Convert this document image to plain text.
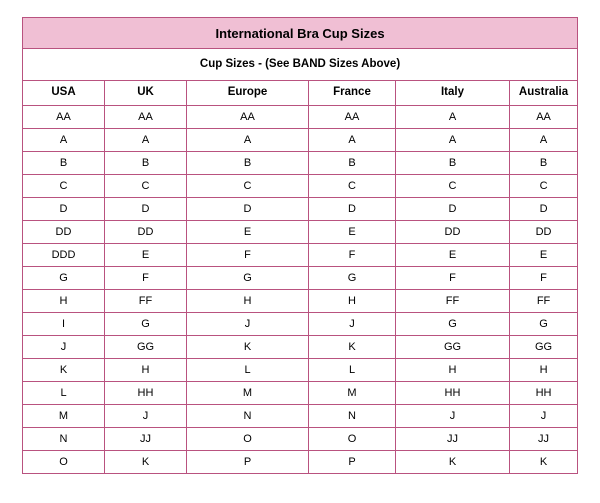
International Bra Cup Sizes					
Cup Sizes - (See BAND Sizes Above)					
USA	UK	Europe	France	Italy	Australia
AA	AA	AA	AA	A	AA
A	A	A	A	A	A
B	B	B	B	B	B
C	C	C	C	C	C
D	D	D	D	D	D
DD	DD	E	E	DD	DD
DDD	E	F	F	E	E
G	F	G	G	F	F
H	FF	H	H	FF	FF
I	G	J	J	G	G
J	GG	K	K	GG	GG
K	H	L	L	H	H
L	HH	M	M	HH	HH
M	J	N	N	J	J
N	JJ	O	O	JJ	JJ
O	K	P	P	K	K
